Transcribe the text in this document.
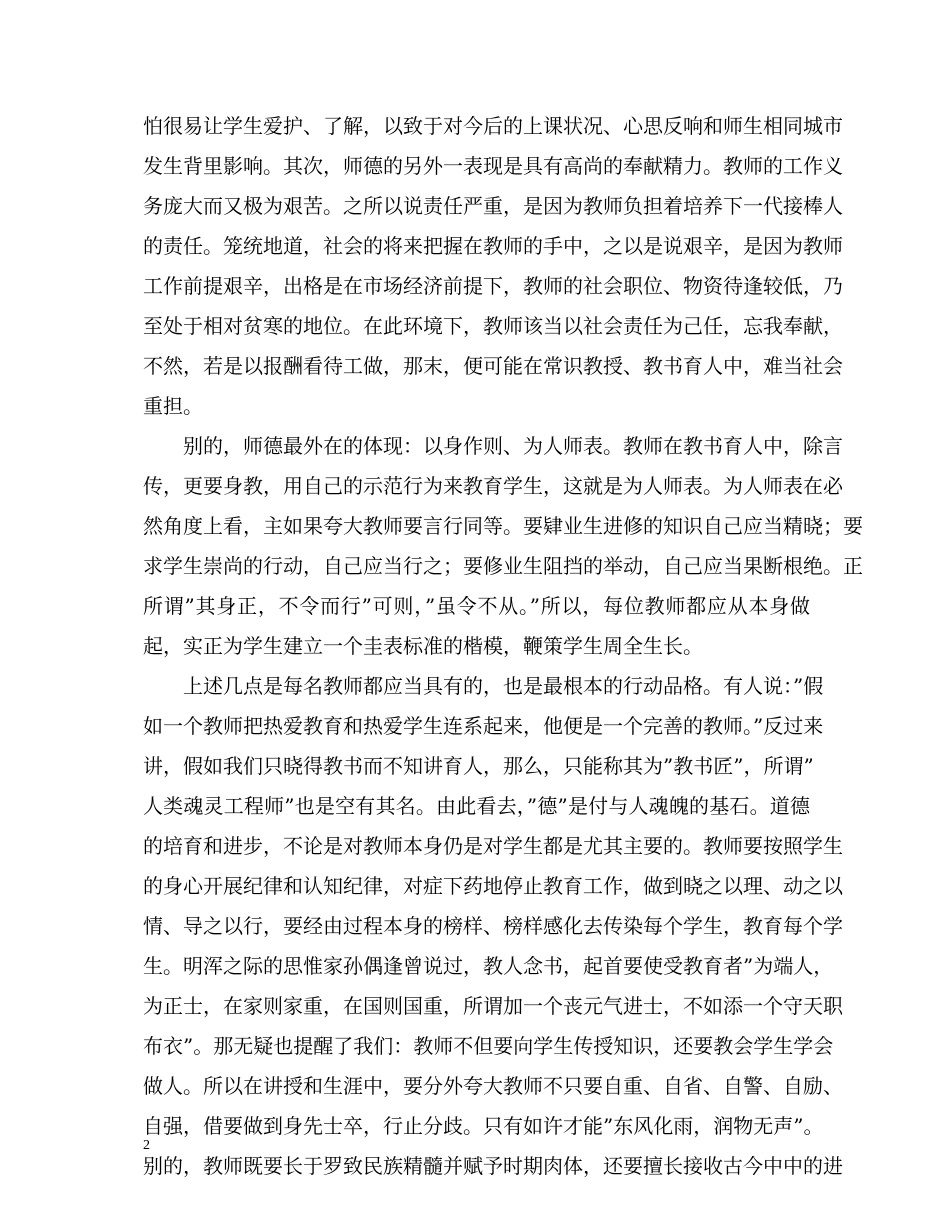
怕很易让学生爱护、了解，以致于对今后的上课状况、心思反响和师生相同城市
发生背里影响。其次，师德的另外一表现是具有高尚的奉献精力。教师的工作义
务庞大而又极为艰苦。之所以说责任严重，是因为教师负担着培养下一代接棒人
的责任。笼统地道，社会的将来把握在教师的手中，之以是说艰辛，是因为教师
工作前提艰辛，出格是在市场经济前提下，教师的社会职位、物资待逢较低，乃
至处于相对贫寒的地位。在此环境下，教师该当以社会责任为己任，忘我奉献，
不然，若是以报酬看待工做，那末，便可能在常识教授、教书育人中，难当社会
重担。
　　别的，师德最外在的体现：以身作则、为人师表。教师在教书育人中，除言
传，更要身教，用自己的示范行为来教育学生，这就是为人师表。为人师表在必
然角度上看，主如果夸大教师要言行同等。要肄业生进修的知识自己应当精晓；要
求学生崇尚的行动，自己应当行之；要修业生阻挡的举动，自己应当果断根绝。正
所谓”其身正，不令而行”可则，”虽令不从。”所以，每位教师都应从本身做
起，实正为学生建立一个圭表标准的楷模，鞭策学生周全生长。
　　上述几点是每名教师都应当具有的，也是最根本的行动品格。有人说：”假
如一个教师把热爱教育和热爱学生连系起来，他便是一个完善的教师。”反过来
讲，假如我们只晓得教书而不知讲育人，那么，只能称其为”教书匠”，所谓”
人类魂灵工程师”也是空有其名。由此看去，”德”是付与人魂魄的基石。道德
的培育和进步，不论是对教师本身仍是对学生都是尤其主要的。教师要按照学生
的身心开展纪律和认知纪律，对症下药地停止教育工作，做到晓之以理、动之以
情、导之以行，要经由过程本身的榜样、榜样感化去传染每个学生，教育每个学
生。明浑之际的思惟家孙偶逢曾说过，教人念书，起首要使受教育者”为端人，
为正士，在家则家重，在国则国重，所谓加一个丧元气进士，不如添一个守天职
布衣”。那无疑也提醒了我们：教师不但要向学生传授知识，还要教会学生学会
做人。所以在讲授和生涯中，要分外夸大教师不只要自重、自省、自警、自励、
自强，借要做到身先士卒，行止分歧。只有如许才能”东风化雨，润物无声”。
别的，教师既要长于罗致民族精髓并赋予时期肉体，还要擅长接收古今中中的进
2
